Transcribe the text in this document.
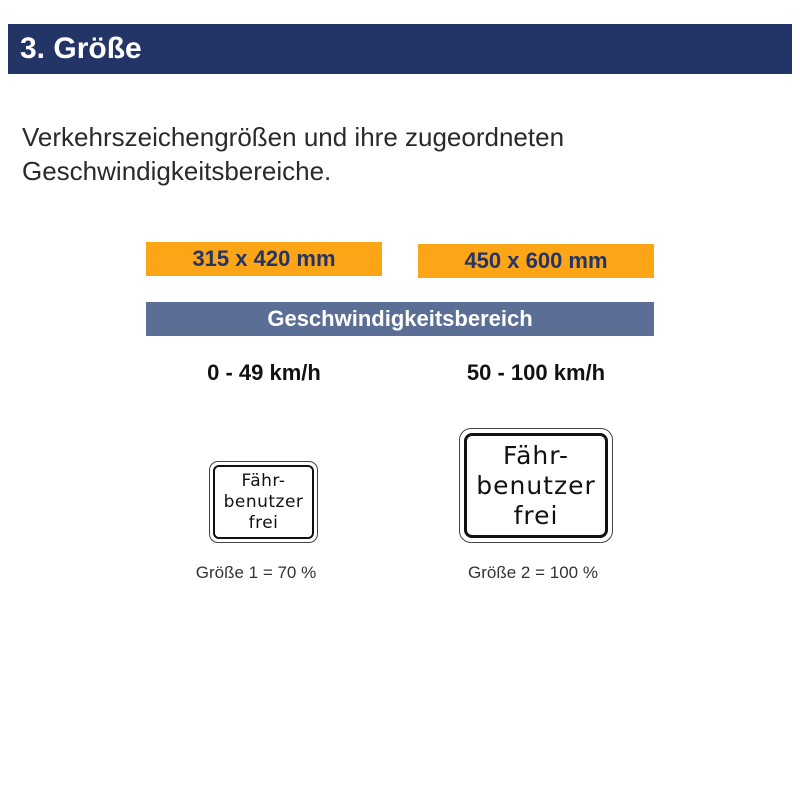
3. Größe
Verkehrszeichengrößen und ihre zugeordneten
Geschwindigkeitsbereiche.
315 x 420 mm	450 x 600 mm
Geschwindigkeitsbereich
0 - 49 km/h	50 - 100 km/h
Fähr-
benutzer
frei
Fähr-
benutzer
frei
Größe 1 = 70 %	Größe 2 = 100 %
